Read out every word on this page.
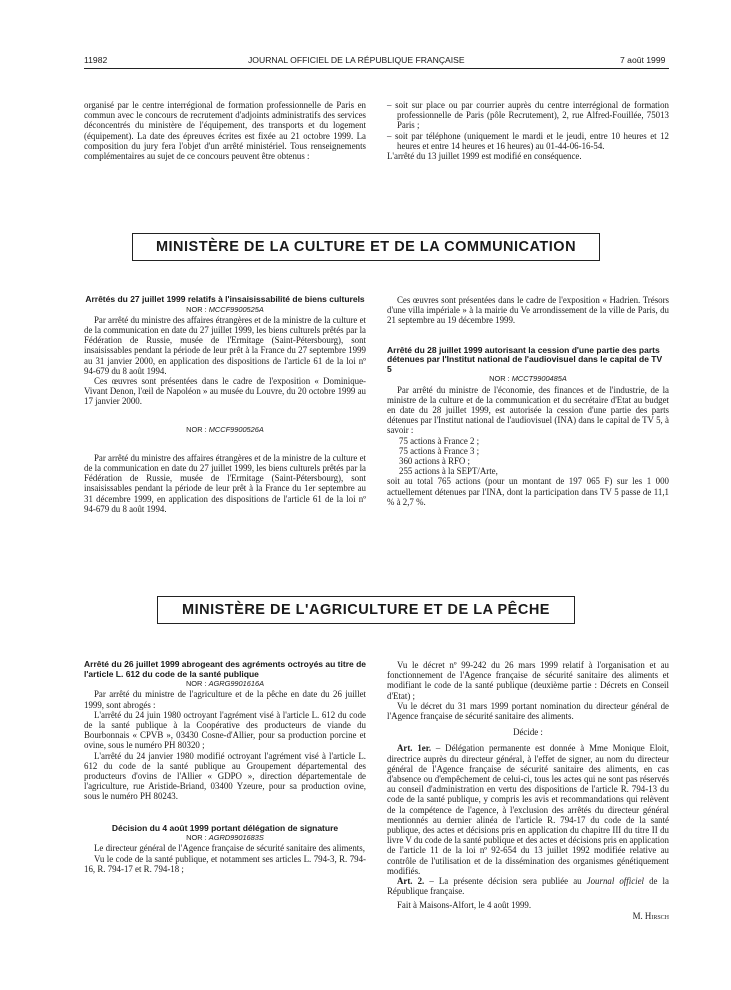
11982	JOURNAL OFFICIEL DE LA RÉPUBLIQUE FRANÇAISE	7 août 1999

organisé par le centre interrégional de formation professionnelle de Paris en commun avec le concours de recrutement d'adjoints administratifs des services déconcentrés du ministère de l'équipement, des transports et du logement (équipement). La date des épreuves écrites est fixée au 21 octobre 1999. La composition du jury fera l'objet d'un arrêté ministériel. Tous renseignements complémentaires au sujet de ce concours peuvent être obtenus :

– soit sur place ou par courrier auprès du centre interrégional de formation professionnelle de Paris (pôle Recrutement), 2, rue Alfred-Fouillée, 75013 Paris ;

– soit par téléphone (uniquement le mardi et le jeudi, entre 10 heures et 12 heures et entre 14 heures et 16 heures) au 01-44-06-16-54.

L'arrêté du 13 juillet 1999 est modifié en conséquence.

MINISTÈRE DE LA CULTURE ET DE LA COMMUNICATION

Arrêtés du 27 juillet 1999 relatifs à l'insaisissabilité de biens culturels

NOR : MCCF9900525A

Par arrêté du ministre des affaires étrangères et de la ministre de la culture et de la communication en date du 27 juillet 1999, les biens culturels prêtés par la Fédération de Russie, musée de l'Ermitage (Saint-Pétersbourg), sont insaisissables pendant la période de leur prêt à la France du 27 septembre 1999 au 31 janvier 2000, en application des dispositions de l'article 61 de la loi nº 94-679 du 8 août 1994.

Ces œuvres sont présentées dans le cadre de l'exposition « Dominique-Vivant Denon, l'œil de Napoléon » au musée du Louvre, du 20 octobre 1999 au 17 janvier 2000.

NOR : MCCF9900526A

Par arrêté du ministre des affaires étrangères et de la ministre de la culture et de la communication en date du 27 juillet 1999, les biens culturels prêtés par la Fédération de Russie, musée de l'Ermitage (Saint-Pétersbourg), sont insaisissables pendant la période de leur prêt à la France du 1er septembre au 31 décembre 1999, en application des dispositions de l'article 61 de la loi nº 94-679 du 8 août 1994.

Ces œuvres sont présentées dans le cadre de l'exposition « Hadrien. Trésors d'une villa impériale » à la mairie du Ve arrondissement de la ville de Paris, du 21 septembre au 19 décembre 1999.

Arrêté du 28 juillet 1999 autorisant la cession d'une partie des parts détenues par l'Institut national de l'audiovisuel dans le capital de TV 5

NOR : MCCT9900485A

Par arrêté du ministre de l'économie, des finances et de l'industrie, de la ministre de la culture et de la communication et du secrétaire d'Etat au budget en date du 28 juillet 1999, est autorisée la cession d'une partie des parts détenues par l'Institut national de l'audiovisuel (INA) dans le capital de TV 5, à savoir :

75 actions à France 2 ;

75 actions à France 3 ;

360 actions à RFO ;

255 actions à la SEPT/Arte,

soit au total 765 actions (pour un montant de 197 065 F) sur les 1 000 actuellement détenues par l'INA, dont la participation dans TV 5 passe de 11,1 % à 2,7 %.

MINISTÈRE DE L'AGRICULTURE ET DE LA PÊCHE

Arrêté du 26 juillet 1999 abrogeant des agréments octroyés au titre de l'article L. 612 du code de la santé publique

NOR : AGRG9901616A

Par arrêté du ministre de l'agriculture et de la pêche en date du 26 juillet 1999, sont abrogés :

L'arrêté du 24 juin 1980 octroyant l'agrément visé à l'article L. 612 du code de la santé publique à la Coopérative des producteurs de viande du Bourbonnais « CPVB », 03430 Cosne-d'Allier, pour sa production porcine et ovine, sous le numéro PH 80320 ;

L'arrêté du 24 janvier 1980 modifié octroyant l'agrément visé à l'article L. 612 du code de la santé publique au Groupement départemental des producteurs d'ovins de l'Allier « GDPO », direction départementale de l'agriculture, rue Aristide-Briand, 03400 Yzeure, pour sa production ovine, sous le numéro PH 80243.

Décision du 4 août 1999 portant délégation de signature

NOR : AGRD9901683S

Le directeur général de l'Agence française de sécurité sanitaire des aliments,

Vu le code de la santé publique, et notamment ses articles L. 794-3, R. 794-16, R. 794-17 et R. 794-18 ;

Vu le décret nº 99-242 du 26 mars 1999 relatif à l'organisation et au fonctionnement de l'Agence française de sécurité sanitaire des aliments et modifiant le code de la santé publique (deuxième partie : Décrets en Conseil d'Etat) ;

Vu le décret du 31 mars 1999 portant nomination du directeur général de l'Agence française de sécurité sanitaire des aliments.

Décide :

Art. 1er. – Délégation permanente est donnée à Mme Monique Eloit, directrice auprès du directeur général, à l'effet de signer, au nom du directeur général de l'Agence française de sécurité sanitaire des aliments, en cas d'absence ou d'empêchement de celui-ci, tous les actes qui ne sont pas réservés au conseil d'administration en vertu des dispositions de l'article R. 794-13 du code de la santé publique, y compris les avis et recommandations qui relèvent de la compétence de l'agence, à l'exclusion des arrêtés du directeur général mentionnés au dernier alinéa de l'article R. 794-17 du code de la santé publique, des actes et décisions pris en application du chapitre III du titre II du livre V du code de la santé publique et des actes et décisions pris en application de l'article 11 de la loi nº 92-654 du 13 juillet 1992 modifiée relative au contrôle de l'utilisation et de la dissémination des organismes génétiquement modifiés.

Art. 2. – La présente décision sera publiée au Journal officiel de la République française.

Fait à Maisons-Alfort, le 4 août 1999.

M. Hirsch
